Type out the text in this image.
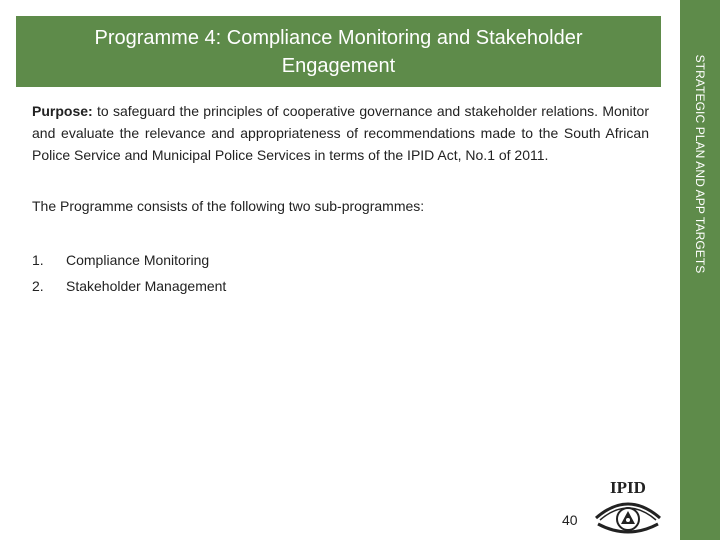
Programme 4: Compliance Monitoring and Stakeholder Engagement	STRATEGIC PLAN AND APP TARGETS

Purpose: to safeguard the principles of cooperative governance and stakeholder relations. Monitor and evaluate the relevance and appropriateness of recommendations made to the South African Police Service and Municipal Police Services in terms of the IPID Act, No.1 of 2011.

The Programme consists of the following two sub-programmes:

1.	Compliance Monitoring
2.	Stakeholder Management
40
IPID
